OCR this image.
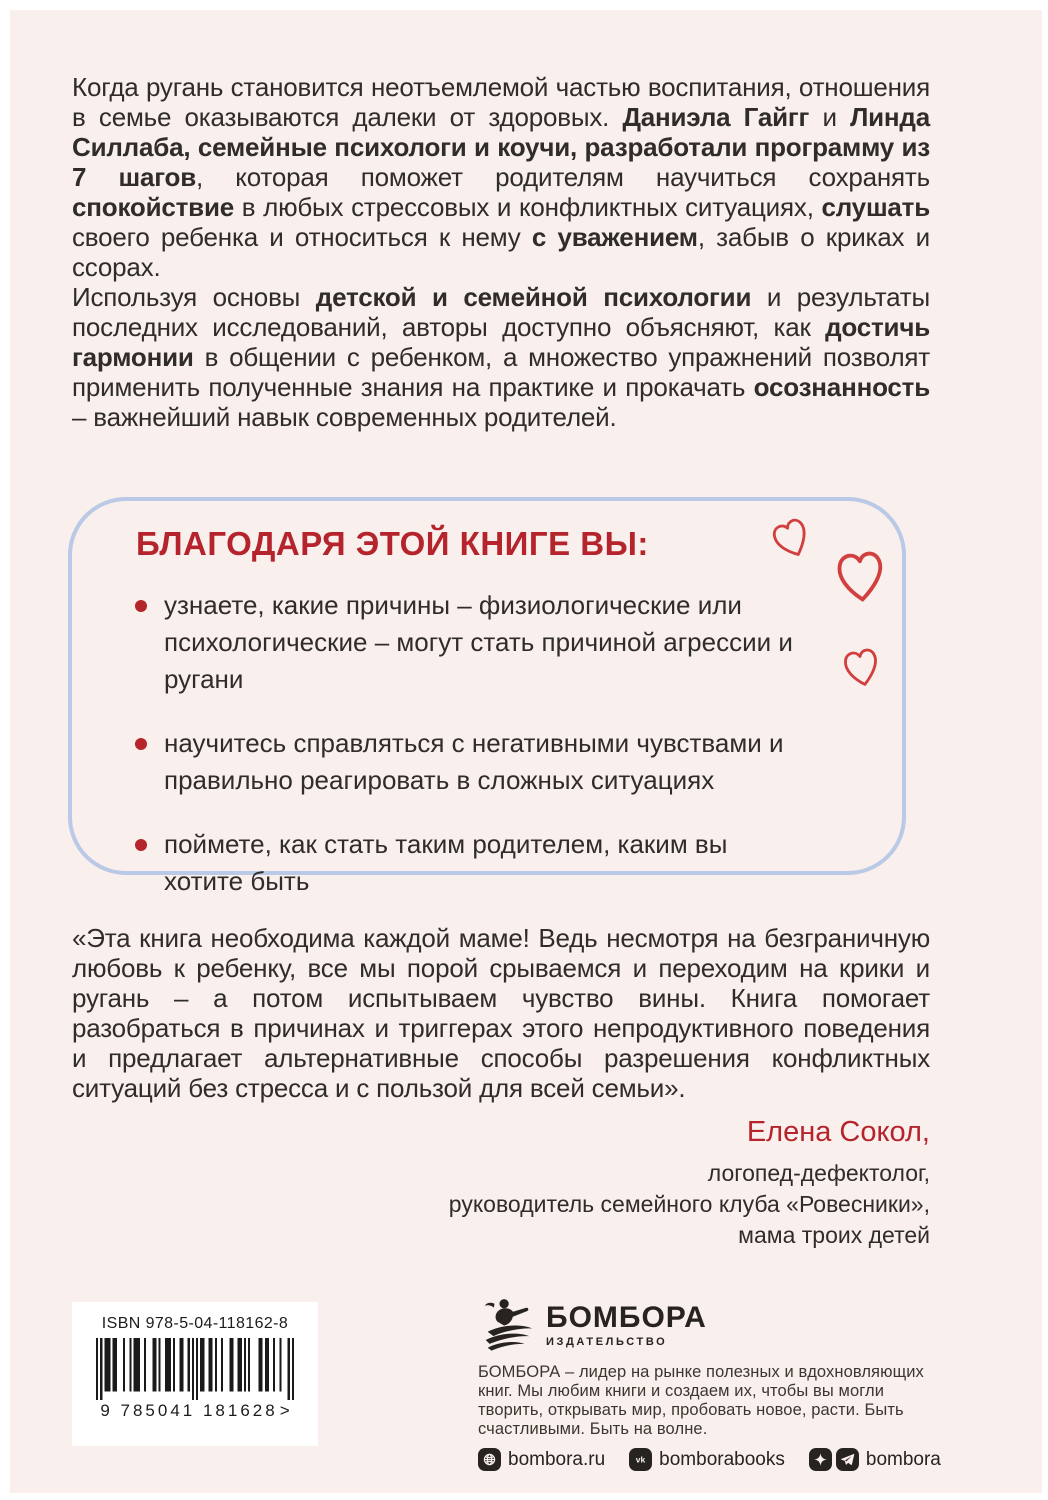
Когда ругань становится неотъемлемой частью воспитания, отношения в семье оказываются далеки от здоровых. Даниэла Гайгг и Линда Силлаба, семейные психологи и коучи, разработали программу из 7 шагов, которая поможет родителям научиться сохранять спокойствие в любых стрессовых и конфликтных ситуациях, слушать своего ребенка и относиться к нему с уважением, забыв о криках и ссорах.

Используя основы детской и семейной психологии и результаты последних исследований, авторы доступно объясняют, как достичь гармонии в общении с ребенком, а множество упражнений позволят применить полученные знания на практике и прокачать осознанность – важнейший навык современных родителей.

БЛАГОДАРЯ ЭТОЙ КНИГЕ ВЫ:
узнаете, какие причины – физиологические или психологические – могут стать причиной агрессии и ругани
научитесь справляться с негативными чувствами и правильно реагировать в сложных ситуациях
поймете, как стать таким родителем, каким вы хотите быть

«Эта книга необходима каждой маме! Ведь несмотря на безграничную любовь к ребенку, все мы порой срываемся и переходим на крики и ругань – а потом испытываем чувство вины. Книга помогает разобраться в причинах и триггерах этого непродуктивного поведения и предлагает альтернативные способы разрешения конфликтных ситуаций без стресса и с пользой для всей семьи».

Елена Сокол,
логопед-дефектолог,
руководитель семейного клуба «Ровесники»,
мама троих детей
ISBN 978-5-04-118162-8
9 785041 181628 >
БОМБОРА
ИЗДАТЕЛЬСТВО

БОМБОРА – лидер на рынке полезных и вдохновляющих книг. Мы любим книги и создаем их, чтобы вы могли творить, открывать мир, пробовать новое, расти. Быть счастливыми. Быть на волне.

bombora.ru	vk bomborabooks	bombora
